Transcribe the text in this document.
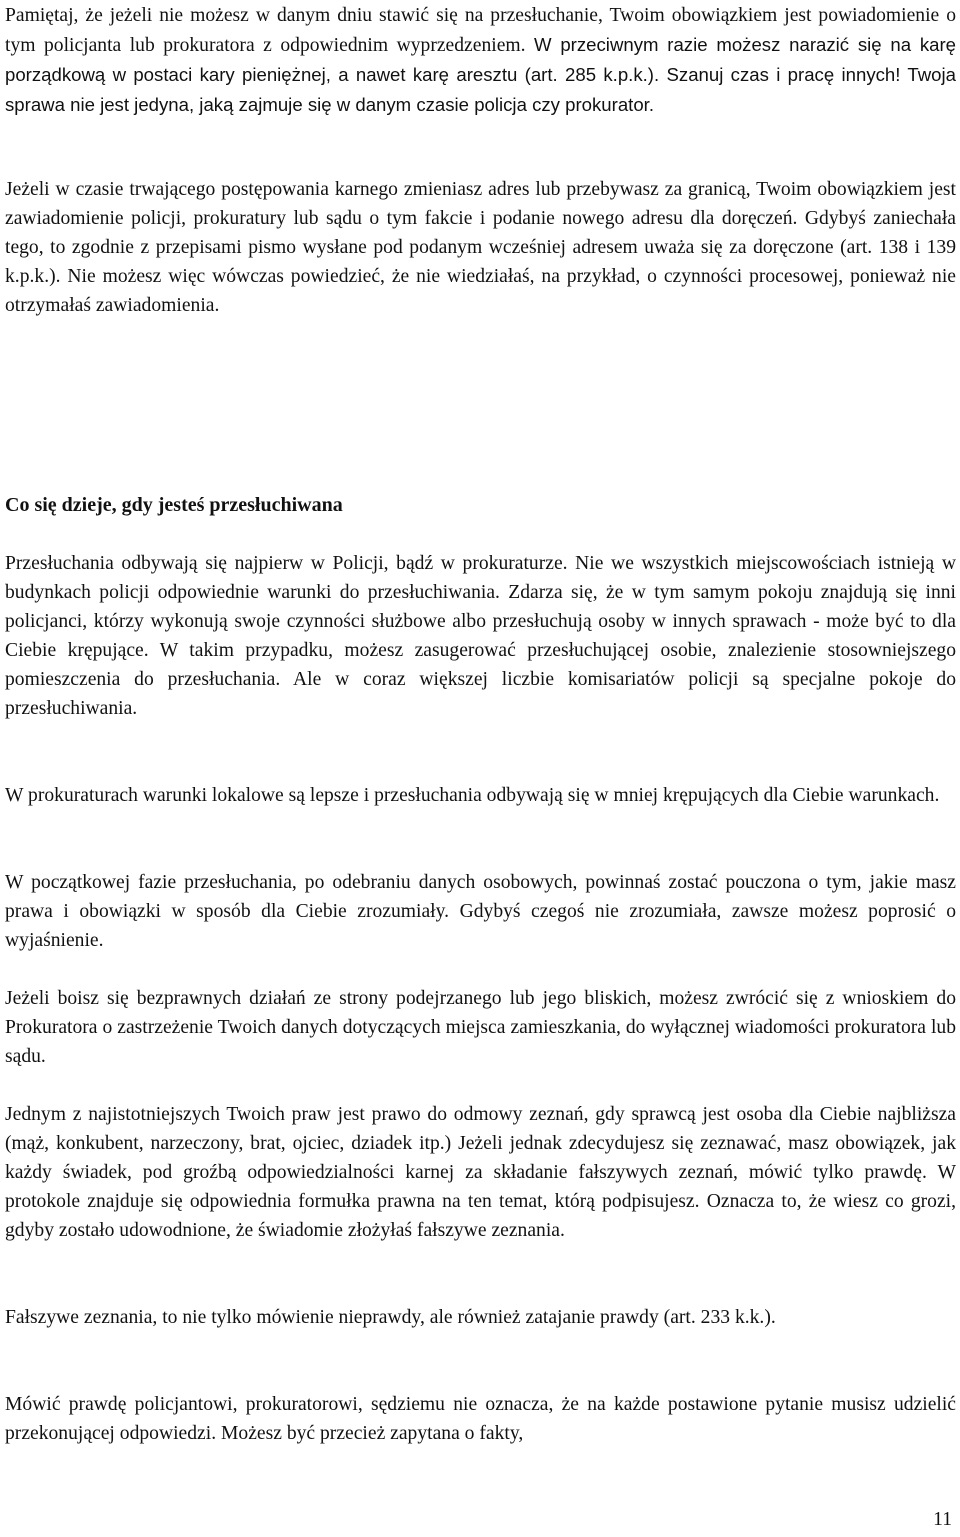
Pamiętaj, że jeżeli nie możesz w danym dniu stawić się na przesłuchanie, Twoim obowiązkiem jest powiadomienie o tym policjanta lub prokuratora z odpowiednim wyprzedzeniem. W przeciwnym razie możesz narazić się na karę porządkową w postaci kary pieniężnej, a nawet karę aresztu (art. 285 k.p.k.). Szanuj czas i pracę innych! Twoja sprawa nie jest jedyna, jaką zajmuje się w danym czasie policja czy prokurator.

Jeżeli w czasie trwającego postępowania karnego zmieniasz adres lub przebywasz za granicą, Twoim obowiązkiem jest zawiadomienie policji, prokuratury lub sądu o tym fakcie i podanie nowego adresu dla doręczeń. Gdybyś zaniechała tego, to zgodnie z przepisami pismo wysłane pod podanym wcześniej adresem uważa się za doręczone (art. 138 i 139 k.p.k.). Nie możesz więc wówczas powiedzieć, że nie wiedziałaś, na przykład, o czynności procesowej, ponieważ nie otrzymałaś zawiadomienia.

Co się dzieje, gdy jesteś przesłuchiwana

Przesłuchania odbywają się najpierw w Policji, bądź w prokuraturze. Nie we wszystkich miejscowościach istnieją w budynkach policji odpowiednie warunki do przesłuchiwania. Zdarza się, że w tym samym pokoju znajdują się inni policjanci, którzy wykonują swoje czynności służbowe albo przesłuchują osoby w innych sprawach - może być to dla Ciebie krępujące. W takim przypadku, możesz zasugerować przesłuchującej osobie, znalezienie stosowniejszego pomieszczenia do przesłuchania. Ale w coraz większej liczbie komisariatów policji są specjalne pokoje do przesłuchiwania.

W prokuraturach warunki lokalowe są lepsze i przesłuchania odbywają się w mniej krępujących dla Ciebie warunkach.

W początkowej fazie przesłuchania, po odebraniu danych osobowych, powinnaś zostać pouczona o tym, jakie masz prawa i obowiązki w sposób dla Ciebie zrozumiały. Gdybyś czegoś nie zrozumiała, zawsze możesz poprosić o wyjaśnienie.

Jeżeli boisz się bezprawnych działań ze strony podejrzanego lub jego bliskich, możesz zwrócić się z wnioskiem do Prokuratora o zastrzeżenie Twoich danych dotyczących miejsca zamieszkania, do wyłącznej wiadomości prokuratora lub sądu.

Jednym z najistotniejszych Twoich praw jest prawo do odmowy zeznań, gdy sprawcą jest osoba dla Ciebie najbliższa (mąż, konkubent, narzeczony, brat, ojciec, dziadek itp.) Jeżeli jednak zdecydujesz się zeznawać, masz obowiązek, jak każdy świadek, pod groźbą odpowiedzialności karnej za składanie fałszywych zeznań, mówić tylko prawdę. W protokole znajduje się odpowiednia formułka prawna na ten temat, którą podpisujesz. Oznacza to, że wiesz co grozi, gdyby zostało udowodnione, że świadomie złożyłaś fałszywe zeznania.

Fałszywe zeznania, to nie tylko mówienie nieprawdy, ale również zatajanie prawdy (art. 233 k.k.).

Mówić prawdę policjantowi, prokuratorowi, sędziemu nie oznacza, że na każde postawione pytanie musisz udzielić przekonującej odpowiedzi. Możesz być przecież zapytana o fakty,

11
